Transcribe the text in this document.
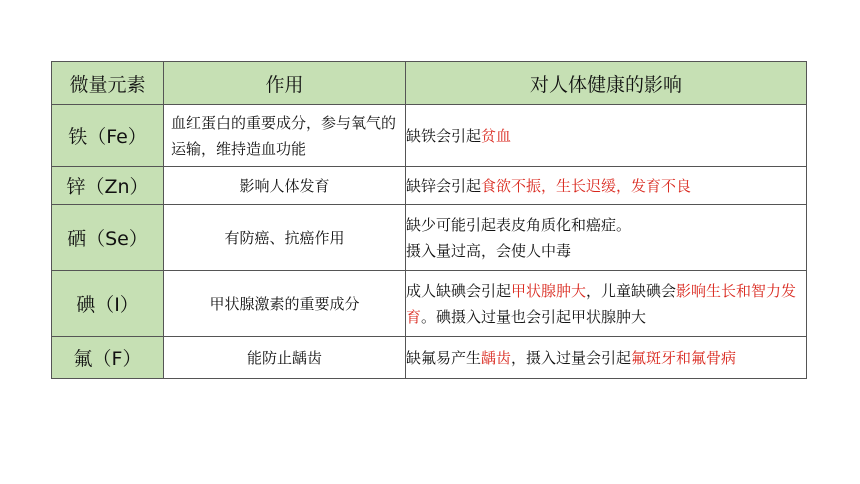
微量元素	作用	对人体健康的影响
铁（Fe）	血红蛋白的重要成分，参与氧气的运输，维持造血功能	缺铁会引起贫血
锌（Zn）	影响人体发育	缺锌会引起食欲不振，生长迟缓，发育不良
硒（Se）	有防癌、抗癌作用	缺少可能引起表皮角质化和癌症。
摄入量过高，会使人中毒
碘（I）	甲状腺激素的重要成分	成人缺碘会引起甲状腺肿大，儿童缺碘会影响生长和智力发育。碘摄入过量也会引起甲状腺肿大
氟（F）	能防止龋齿	缺氟易产生龋齿，摄入过量会引起氟斑牙和氟骨病
